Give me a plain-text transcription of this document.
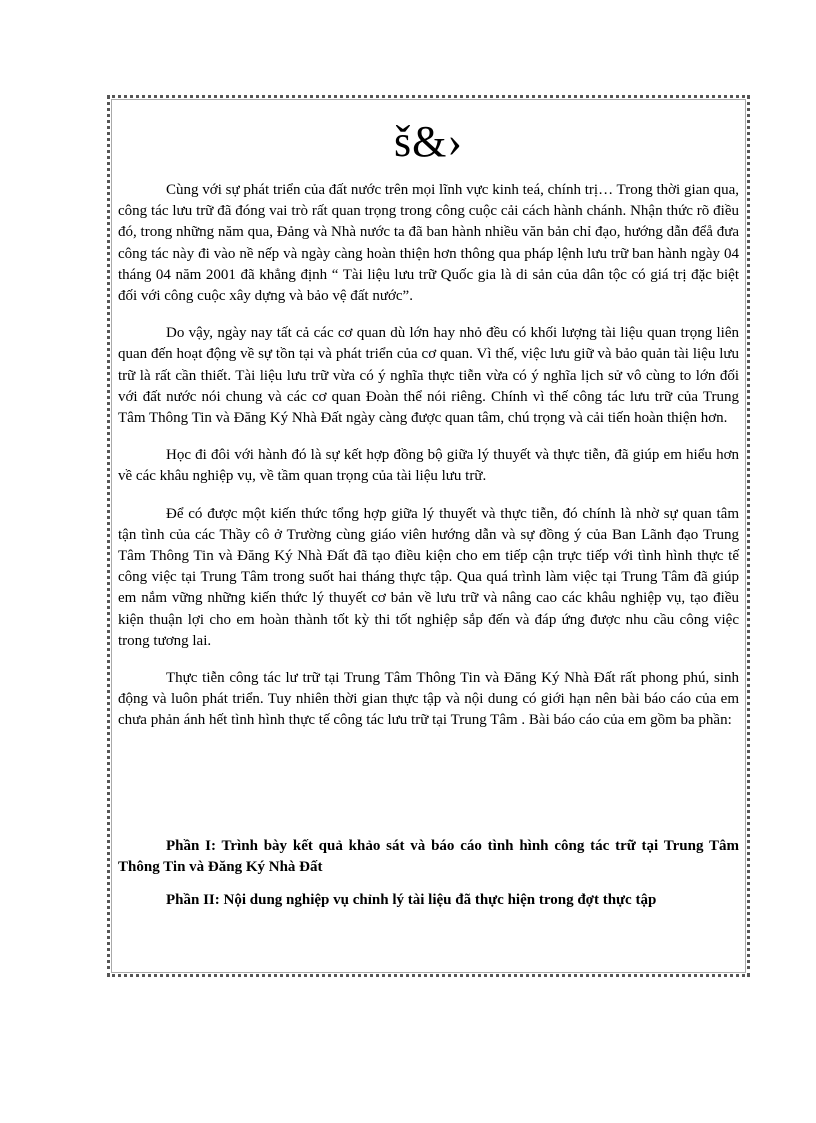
š&›

Cùng với sự phát triển của đất nước trên mọi lĩnh vực kinh teá, chính trị… Trong thời gian qua, công tác lưu trữ đã đóng vai trò rất quan trọng trong công cuộc cải cách hành chánh. Nhận thức rõ điều đó, trong những năm qua, Đảng và Nhà nước ta đã ban hành nhiều văn bản chỉ đạo, hướng dẫn đểå đưa công tác này đi vào nề nếp và ngày càng hoàn thiện hơn thông qua pháp lệnh lưu trữ ban hành ngày 04 tháng 04 năm 2001 đã khẳng định “ Tài liệu lưu trữ Quốc gia là di sản của dân tộc có giá trị đặc biệt đối với công cuộc xây dựng và bảo vệ đất nước”.

Do vậy, ngày nay tất cả các cơ quan dù lớn hay nhỏ đều có khối lượng tài liệu quan trọng liên quan đến hoạt động về sự tồn tại và phát triển của cơ quan. Vì thế, việc lưu giữ và bảo quản tài liệu lưu trữ là rất cần thiết. Tài liệu lưu trữ vừa có ý nghĩa thực tiễn vừa có ý nghĩa lịch sử vô cùng to lớn đối với đất nước nói chung và các cơ quan Đoàn thể nói riêng. Chính vì thế công tác lưu trữ của Trung Tâm Thông Tin và Đăng Ký Nhà Đất ngày càng được quan tâm, chú trọng và cải tiến hoàn thiện hơn.

Học đi đôi với hành đó là sự kết hợp đồng bộ giữa lý thuyết và thực tiễn, đã giúp em hiểu hơn về các khâu nghiệp vụ, về tầm quan trọng của tài liệu lưu trữ.

Để có được một kiến thức tổng hợp giữa lý thuyết và thực tiễn, đó chính là nhờ sự quan tâm tận tình của các Thầy cô ở Trường cùng giáo viên hướng dẫn và sự đồng ý của Ban Lãnh đạo Trung Tâm Thông Tin và Đăng Ký Nhà Đất đã tạo điều kiện cho em tiếp cận trực tiếp với tình hình thực tế công việc tại Trung Tâm trong suốt hai tháng thực tập. Qua quá trình làm việc tại Trung Tâm đã giúp em nắm vững những kiến thức lý thuyết cơ bản về lưu trữ và nâng cao các khâu nghiệp vụ, tạo điều kiện thuận lợi cho em hoàn thành tốt kỳ thi tốt nghiệp sắp đến và đáp ứng được nhu cầu công việc trong tương lai.

Thực tiễn công tác lư trữ tại Trung Tâm Thông Tin và Đăng Ký Nhà Đất rất phong phú, sinh động và luôn phát triển. Tuy nhiên thời gian thực tập và nội dung có giới hạn nên bài báo cáo của em chưa phản ánh hết tình hình thực tế công tác lưu trữ tại Trung Tâm . Bài báo cáo của em gồm ba phần:

Phần I: Trình bày kết quả khảo sát và báo cáo tình hình công tác trữ tại Trung Tâm Thông Tin và Đăng Ký Nhà Đất

Phần II: Nội dung nghiệp vụ chỉnh lý tài liệu đã thực hiện trong đợt thực tập
